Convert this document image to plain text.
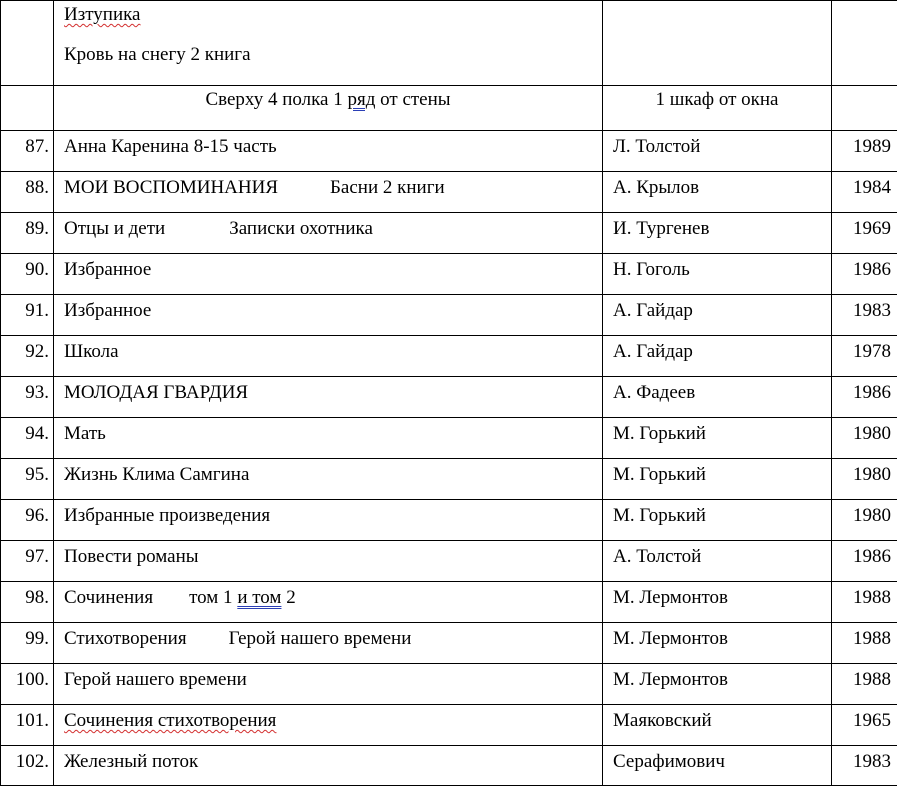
	Изтупика
Кровь на снегу 2 книга		

	Сверху 4 полка 1 ряд от стены	1 шкаф от окна	
87.	Анна Каренина 8-15 часть	Л. Толстой	1989
88.	МОИ ВОСПОМИНАНИЯ Басни 2 книги	А. Крылов	1984
89.	Отцы и дети Записки охотника	И. Тургенев	1969
90.	Избранное	Н. Гоголь	1986
91.	Избранное	А. Гайдар	1983
92.	Школа	А. Гайдар	1978
93.	МОЛОДАЯ ГВАРДИЯ	А. Фадеев	1986
94.	Мать	М. Горький	1980
95.	Жизнь Клима Самгина	М. Горький	1980
96.	Избранные произведения	М. Горький	1980
97.	Повести романы	А. Толстой	1986
98.	Сочинения том 1 и том 2	М. Лермонтов	1988
99.	Стихотворения Герой нашего времени	М. Лермонтов	1988
100.	Герой нашего времени	М. Лермонтов	1988
101.	Сочинения стихотворения	Маяковский	1965
102.	Железный поток	Серафимович	1983
